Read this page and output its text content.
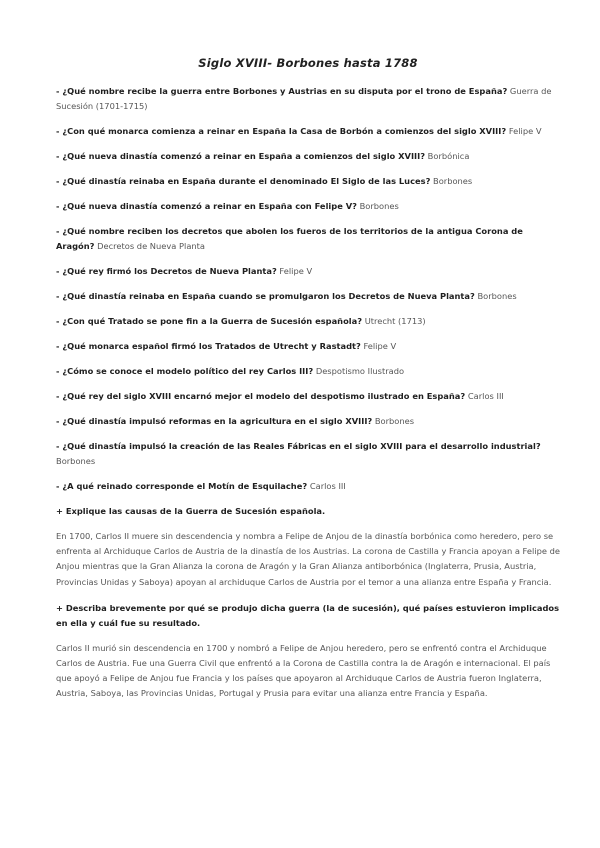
Siglo XVIII- Borbones hasta 1788
- ¿Qué nombre recibe la guerra entre Borbones y Austrias en su disputa por el trono de España? Guerra de Sucesión (1701-1715)
- ¿Con qué monarca comienza a reinar en España la Casa de Borbón a comienzos del siglo XVIII? Felipe V
- ¿Qué nueva dinastía comenzó a reinar en España a comienzos del siglo XVIII? Borbónica
- ¿Qué dinastía reinaba en España durante el denominado El Siglo de las Luces? Borbones
- ¿Qué nueva dinastía comenzó a reinar en España con Felipe V? Borbones
- ¿Qué nombre reciben los decretos que abolen los fueros de los territorios de la antigua Corona de Aragón? Decretos de Nueva Planta
- ¿Qué rey firmó los Decretos de Nueva Planta? Felipe V
- ¿Qué dinastía reinaba en España cuando se promulgaron los Decretos de Nueva Planta? Borbones
- ¿Con qué Tratado se pone fin a la Guerra de Sucesión española? Utrecht (1713)
- ¿Qué monarca español firmó los Tratados de Utrecht y Rastadt? Felipe V
- ¿Cómo se conoce el modelo político del rey Carlos III? Despotismo Ilustrado
- ¿Qué rey del siglo XVIII encarnó mejor el modelo del despotismo ilustrado en España? Carlos III
- ¿Qué dinastía impulsó reformas en la agricultura en el siglo XVIII? Borbones
- ¿Qué dinastía impulsó la creación de las Reales Fábricas en el siglo XVIII para el desarrollo industrial? Borbones
- ¿A qué reinado corresponde el Motín de Esquilache? Carlos III
+ Explique las causas de la Guerra de Sucesión española.
En 1700, Carlos II muere sin descendencia y nombra a Felipe de Anjou de la dinastía borbónica como heredero, pero se enfrenta al Archiduque Carlos de Austria de la dinastía de los Austrias. La corona de Castilla y Francia apoyan a Felipe de Anjou mientras que la Gran Alianza la corona de Aragón y la Gran Alianza antiborbónica (Inglaterra, Prusia, Austria, Provincias Unidas y Saboya) apoyan al archiduque Carlos de Austria por el temor a una alianza entre España y Francia.
+ Describa brevemente por qué se produjo dicha guerra (la de sucesión), qué países estuvieron implicados en ella y cuál fue su resultado.
Carlos II murió sin descendencia en 1700 y nombró a Felipe de Anjou heredero, pero se enfrentó contra el Archiduque Carlos de Austria. Fue una Guerra Civil que enfrentó a la Corona de Castilla contra la de Aragón e internacional. El país que apoyó a Felipe de Anjou fue Francia y los países que apoyaron al Archiduque Carlos de Austria fueron Inglaterra, Austria, Saboya, las Provincias Unidas, Portugal y Prusia para evitar una alianza entre Francia y España.
